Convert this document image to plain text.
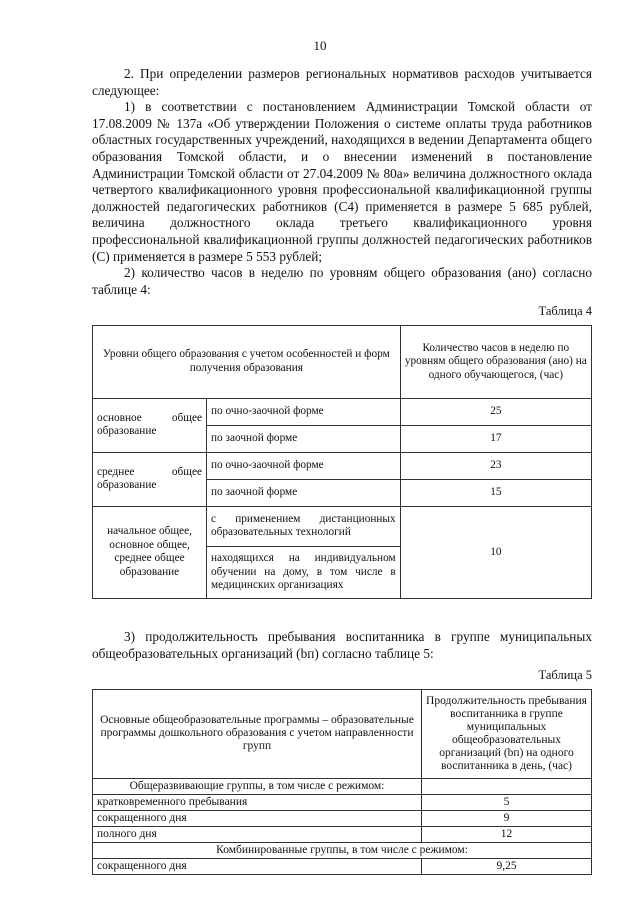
10

2. При определении размеров региональных нормативов расходов учитывается следующее:

1) в соответствии с постановлением Администрации Томской области от 17.08.2009 № 137а «Об утверждении Положения о системе оплаты труда работников областных государственных учреждений, находящихся в ведении Департамента общего образования Томской области, и о внесении изменений в постановление Администрации Томской области от 27.04.2009 № 80а» величина должностного оклада четвертого квалификационного уровня профессиональной квалификационной группы должностей педагогических работников (С4) применяется в размере 5 685 рублей, величина должностного оклада третьего квалификационного уровня профессиональной квалификационной группы должностей педагогических работников (С) применяется в размере 5 553 рублей;

2) количество часов в неделю по уровням общего образования (aнo) согласно таблице 4:

Таблица 4
Уровни общего образования с учетом особенностей и форм получения образования		Количество часов в неделю по уровням общего образования (aнo) на одного обучающегося, (час)
основное общее образование	по очно-заочной форме	25
	по заочной форме	17
среднее общее образование	по очно-заочной форме	23
	по заочной форме	15
начальное общее, основное общее, среднее общее образование	с применением дистанционных образовательных технологий	10
	находящихся на индивидуальном обучении на дому, в том числе в медицинских организациях	

3) продолжительность пребывания воспитанника в группе муниципальных общеобразовательных организаций (bп) согласно таблице 5:

Таблица 5
Основные общеобразовательные программы – образовательные программы дошкольного образования с учетом направленности групп	Продолжительность пребывания воспитанника в группе муниципальных общеобразовательных организаций (bп) на одного воспитанника в день, (час)
Общеразвивающие группы, в том числе с режимом:	
кратковременного пребывания	5
сокращенного дня	9
полного дня	12
Комбинированные группы, в том числе с режимом:	
сокращенного дня	9,25
